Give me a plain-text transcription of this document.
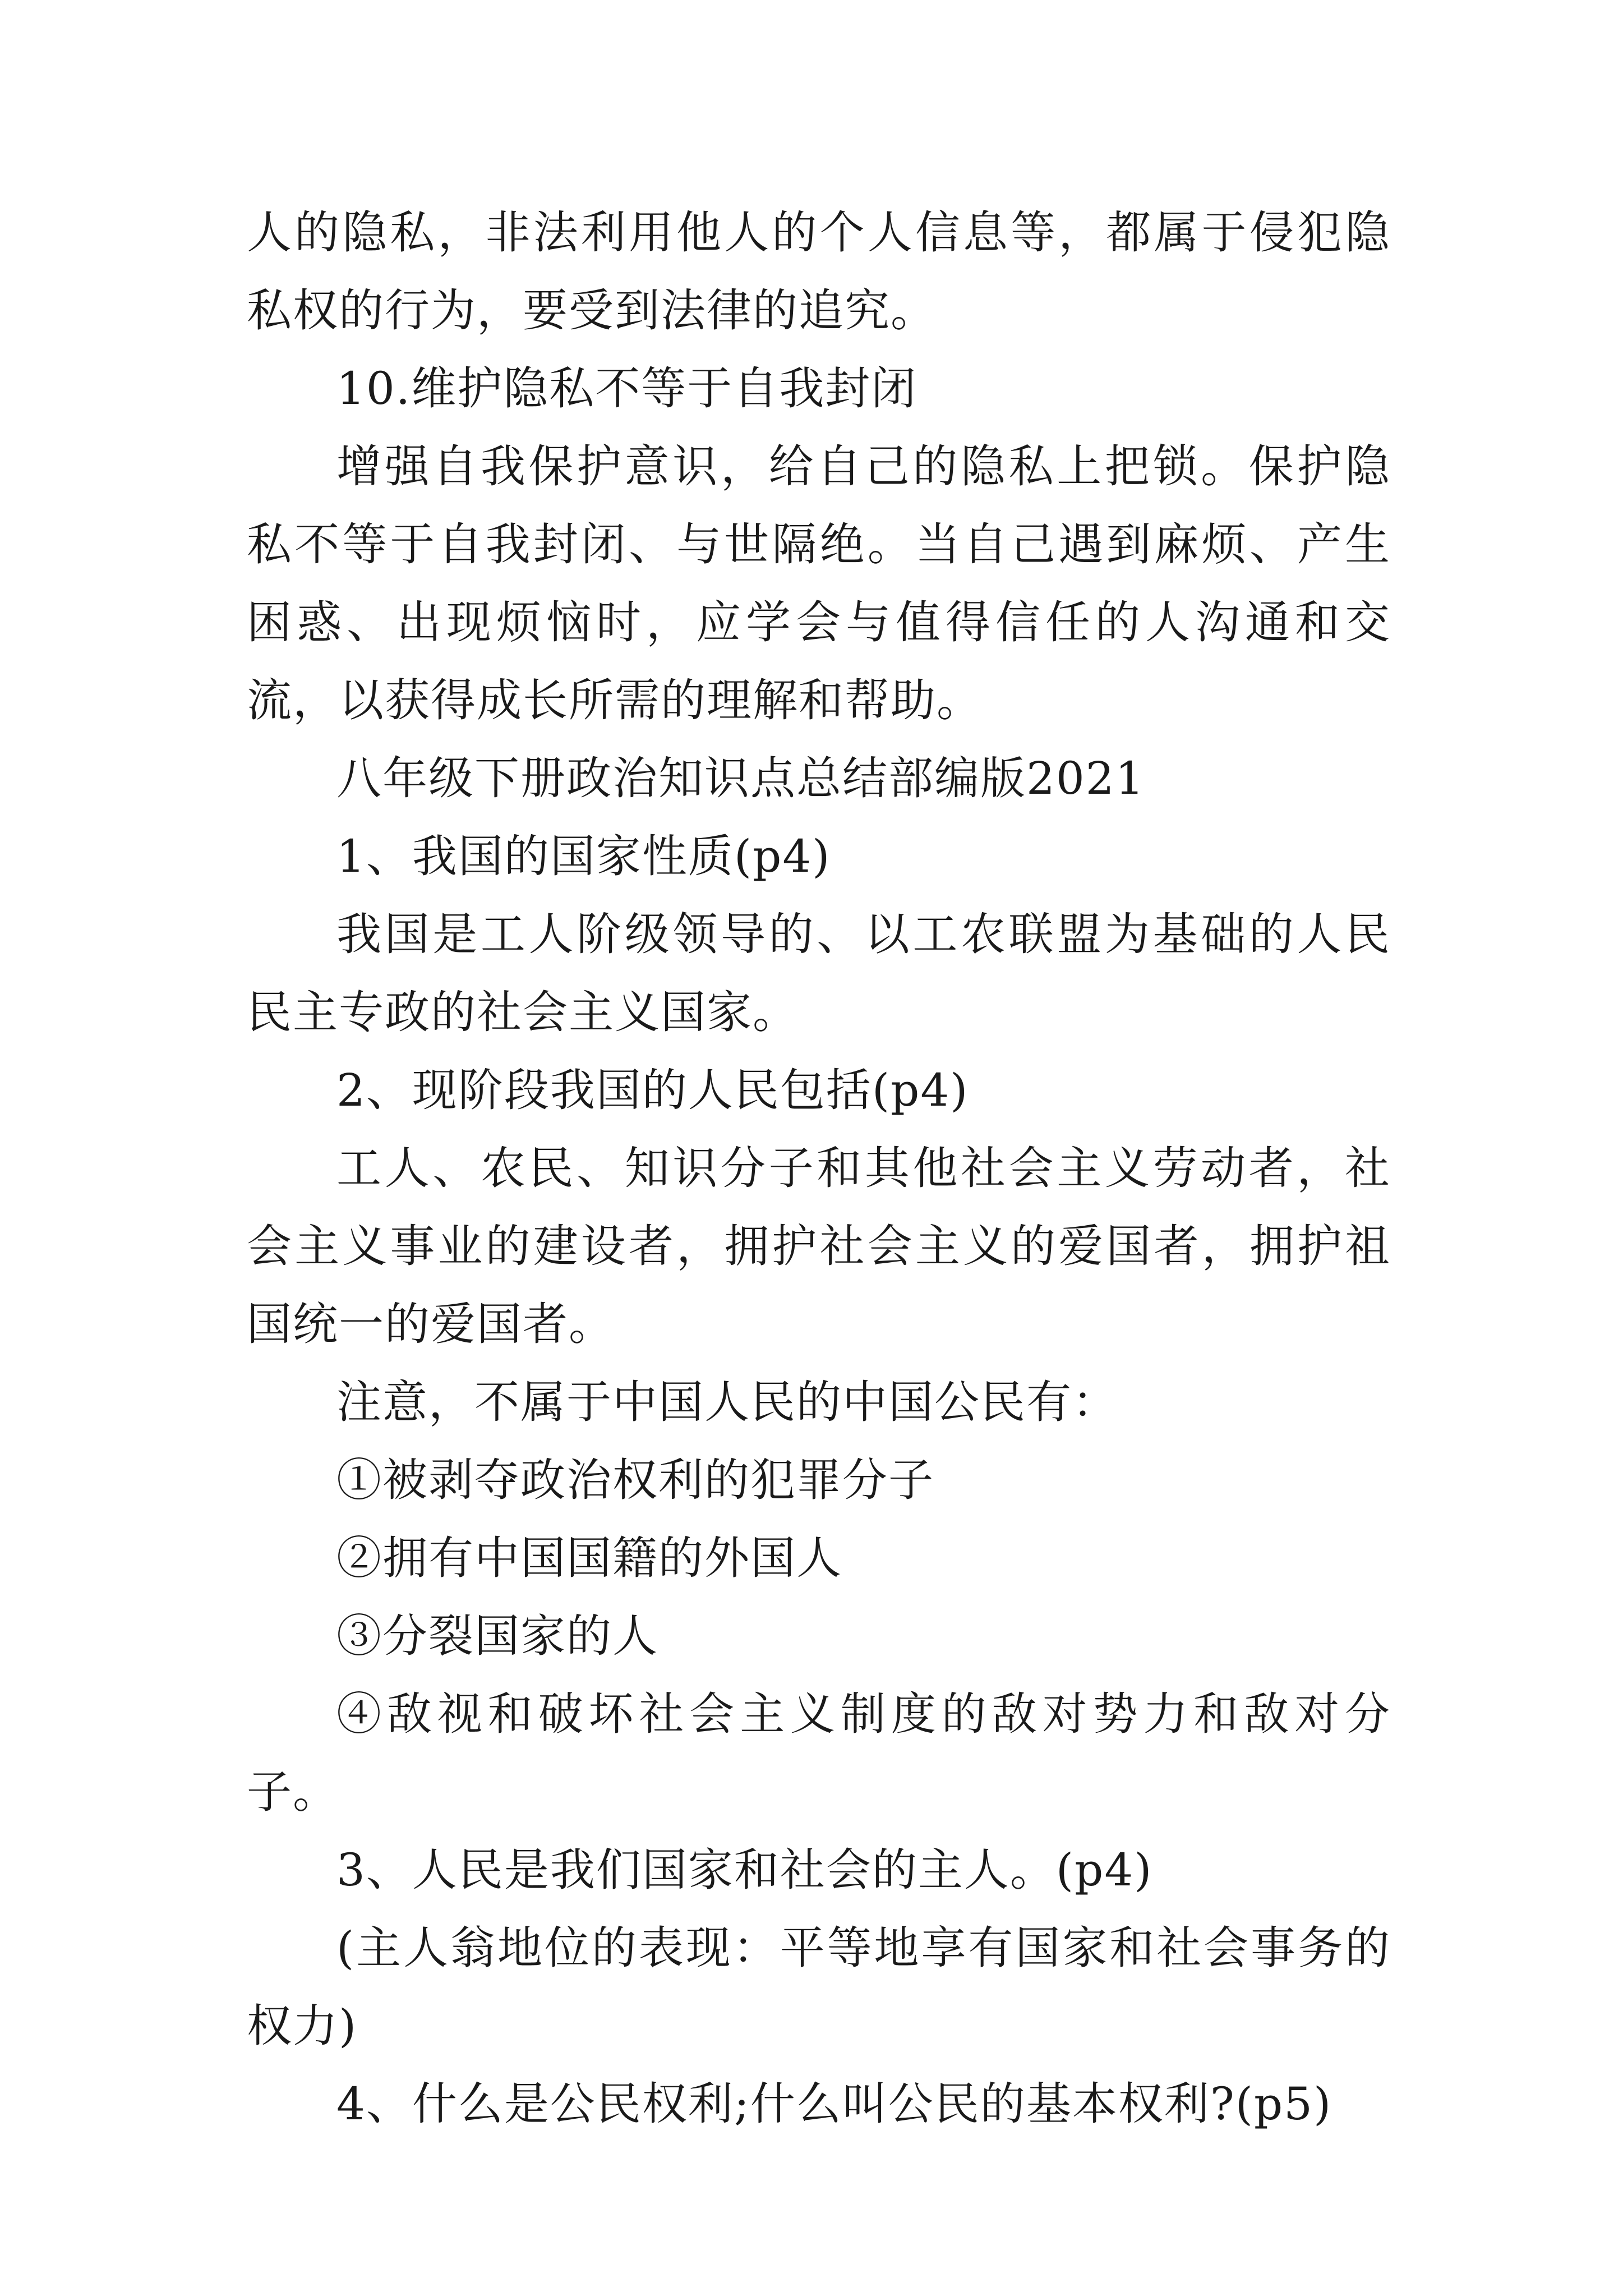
人的隐私，非法利用他人的个人信息等，都属于侵犯隐私权的行为，要受到法律的追究。

10.维护隐私不等于自我封闭

增强自我保护意识，给自己的隐私上把锁。保护隐私不等于自我封闭、与世隔绝。当自己遇到麻烦、产生困惑、出现烦恼时，应学会与值得信任的人沟通和交流，以获得成长所需的理解和帮助。

八年级下册政治知识点总结部编版2021

1、我国的国家性质(p4)

我国是工人阶级领导的、以工农联盟为基础的人民民主专政的社会主义国家。

2、现阶段我国的人民包括(p4)

工人、农民、知识分子和其他社会主义劳动者，社会主义事业的建设者，拥护社会主义的爱国者，拥护祖国统一的爱国者。

注意，不属于中国人民的中国公民有：

①被剥夺政治权利的犯罪分子

②拥有中国国籍的外国人

③分裂国家的人

④敌视和破坏社会主义制度的敌对势力和敌对分子。

3、人民是我们国家和社会的主人。(p4)

(主人翁地位的表现：平等地享有国家和社会事务的权力)

4、什么是公民权利;什么叫公民的基本权利?(p5)
